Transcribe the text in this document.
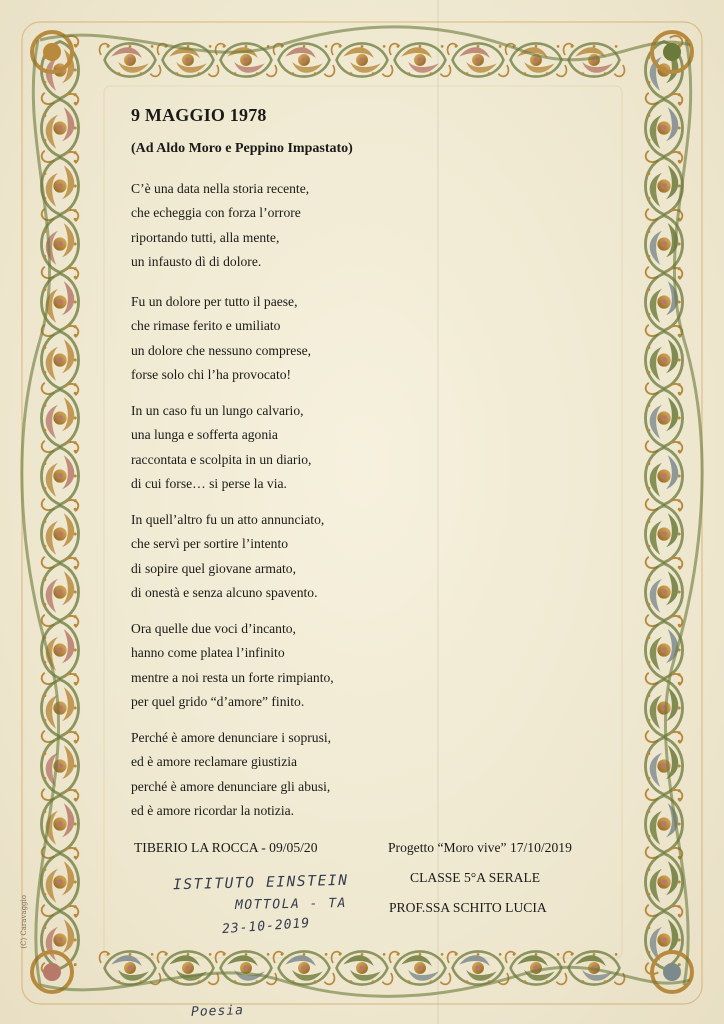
9 MAGGIO 1978
(Ad Aldo Moro e Peppino Impastato)
C’è una data nella storia recente,
che echeggia con forza l’orrore
riportando tutti, alla mente,
un infausto dì di dolore.
Fu un dolore per tutto il paese,
che rimase ferito e umiliato
un dolore che nessuno comprese,
forse solo chi l’ha provocato!
In un caso fu un lungo calvario,
una lunga e sofferta agonia
raccontata e scolpita in un diario,
di cui forse… si perse la via.
In quell’altro fu un atto annunciato,
che servì per sortire l’intento
di sopire quel giovane armato,
di onestà e senza alcuno spavento.
Ora quelle due voci d’incanto,
hanno come platea l’infinito
mentre a noi resta un forte rimpianto,
per quel grido “d’amore” finito.
Perché è amore denunciare i soprusi,
ed è amore reclamare giustizia
perché è amore denunciare gli abusi,
ed è amore ricordar la notizia.
TIBERIO LA ROCCA - 09/05/20	Progetto “Moro vive” 17/10/2019
CLASSE 5°A SERALE
PROF.SSA SCHITO LUCIA
ISTITUTO EINSTEIN
MOTTOLA - TA
23-10-2019
Poesia
(C) Caravaggio
